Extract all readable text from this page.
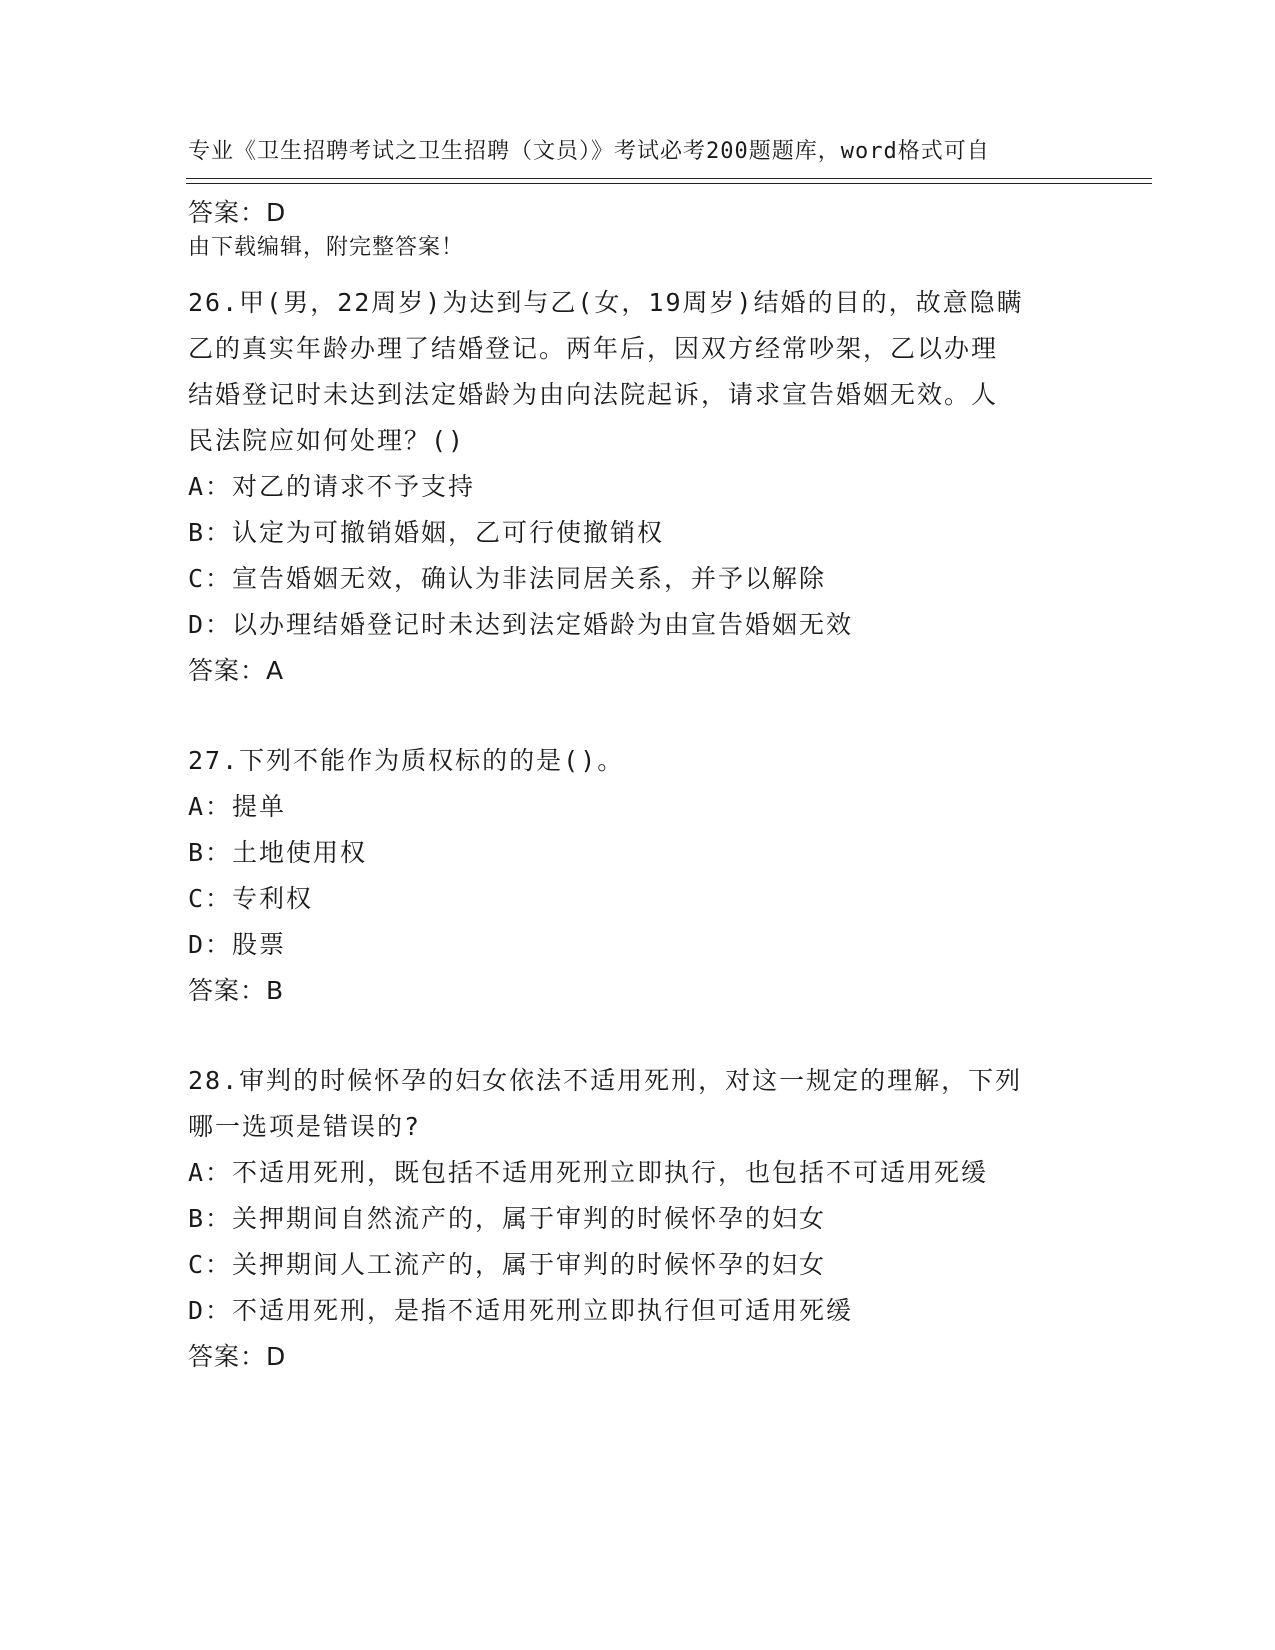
专业《卫生招聘考试之卫生招聘（文员）》考试必考200题题库，word格式可自

由下载编辑，附完整答案！

答案：D
26.甲(男，22周岁)为达到与乙(女，19周岁)结婚的目的，故意隐瞒
乙的真实年龄办理了结婚登记。两年后，因双方经常吵架，乙以办理
结婚登记时未达到法定婚龄为由向法院起诉，请求宣告婚姻无效。人
民法院应如何处理？()
A：对乙的请求不予支持
B：认定为可撤销婚姻，乙可行使撤销权
C：宣告婚姻无效，确认为非法同居关系，并予以解除
D：以办理结婚登记时未达到法定婚龄为由宣告婚姻无效
答案：A
27.下列不能作为质权标的的是()。
A：提单
B：土地使用权
C：专利权
D：股票
答案：B
28.审判的时候怀孕的妇女依法不适用死刑，对这一规定的理解，下列
哪一选项是错误的?
A：不适用死刑，既包括不适用死刑立即执行，也包括不可适用死缓
B：关押期间自然流产的，属于审判的时候怀孕的妇女
C：关押期间人工流产的，属于审判的时候怀孕的妇女
D：不适用死刑，是指不适用死刑立即执行但可适用死缓
答案：D
